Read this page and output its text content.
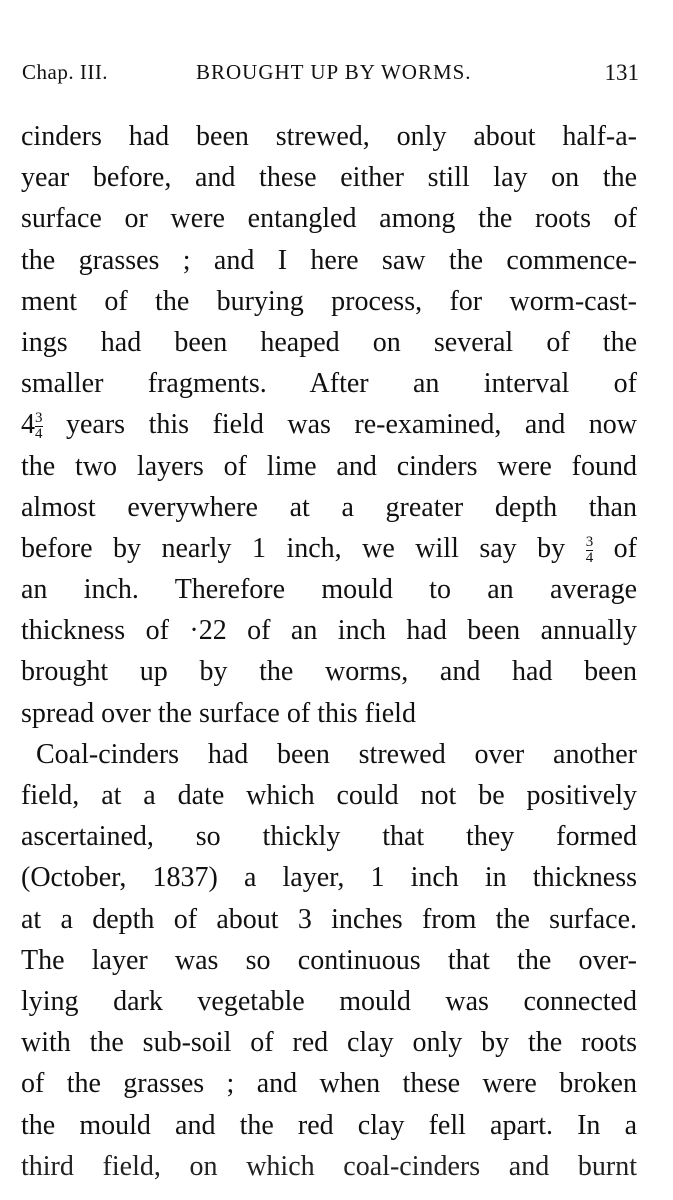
Chap. III.	BROUGHT UP BY WORMS.	131
cinders had been strewed, only about half-a-
year before, and these either still lay on the
surface or were entangled among the roots of
the grasses ; and I here saw the commence-
ment of the burying process, for worm-cast-
ings had been heaped on several of the
smaller fragments. After an interval of
$4 \frac{3}{4}$ years this field was re-examined, and now
the two layers of lime and cinders were found
almost everywhere at a greater depth than
before by nearly 1 inch, we will say by $\frac{3}{4}$ of
an inch. Therefore mould to an average
thickness of ·22 of an inch had been annually
brought up by the worms, and had been
spread over the surface of this field
Coal-cinders had been strewed over another
field, at a date which could not be positively
ascertained, so thickly that they formed
(October, 1837) a layer, 1 inch in thickness
at a depth of about 3 inches from the surface.
The layer was so continuous that the over-
lying dark vegetable mould was connected
with the sub-soil of red clay only by the roots
of the grasses ; and when these were broken
the mould and the red clay fell apart. In a
third field, on which coal-cinders and burnt
